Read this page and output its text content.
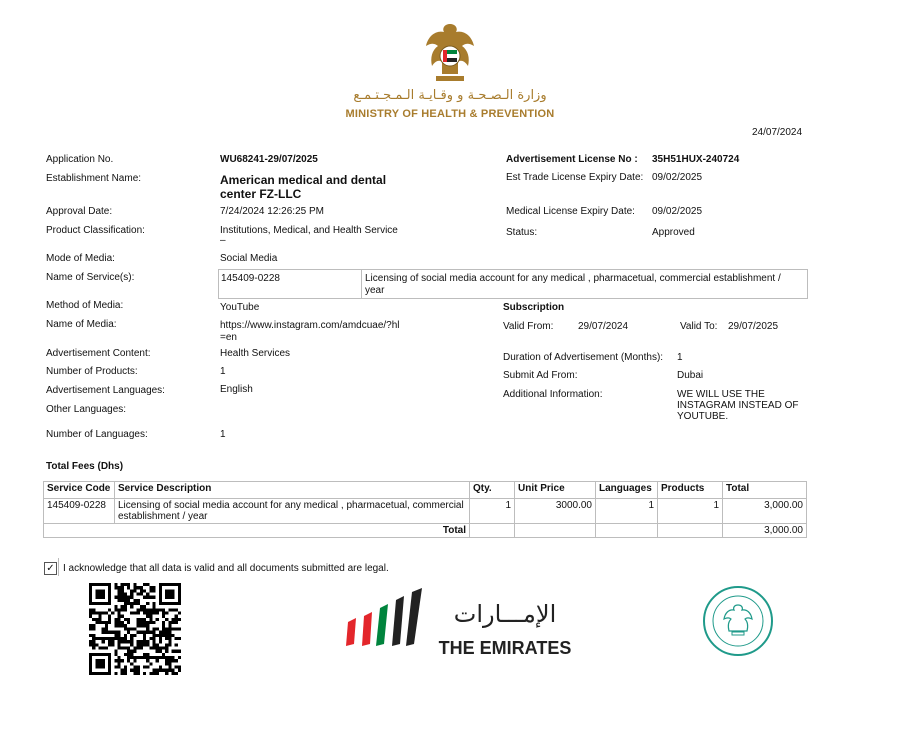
وزارة الـصـحـة و وقـايـة الـمـجـتـمـع
MINISTRY OF HEALTH & PREVENTION
24/07/2024
Application No.	WU68241-29/07/2025
Establishment Name:	American medical and dental center FZ-LLC
Approval Date:	7/24/2024 12:26:25 PM
Product Classification:	Institutions, Medical, and Health Service
–
Mode of Media:	Social Media
Name of Service(s):	145409-0228	Licensing of social media account for any medical , pharmacetual, commercial establishment / year
Method of Media:	YouTube
Name of Media:	https://www.instagram.com/amdcuae/?hl=en
Advertisement Content:	Health Services
Number of Products:	1
Advertisement Languages:	English
Other Languages:
Number of Languages:	1
Advertisement License No : 35H51HUX-240724
Est Trade License Expiry Date: 09/02/2025
Medical License Expiry Date: 09/02/2025
Status:	Approved
Subscription
Valid From: 29/07/2024	Valid To: 29/07/2025
Duration of Advertisement (Months): 1
Submit Ad From:	Dubai
Additional Information:	WE WILL USE THE INSTAGRAM INSTEAD OF YOUTUBE.
Total Fees (Dhs)
Service Code	Service Description	Qty.	Unit Price	Languages	Products	Total
145409-0228	Licensing of social media account for any medical , pharmacetual, commercial establishment / year	1	3000.00	1	1	3,000.00
Total						3,000.00
✓ I acknowledge that all data is valid and all documents submitted are legal.
الإمـــارات
THE EMIRATES
